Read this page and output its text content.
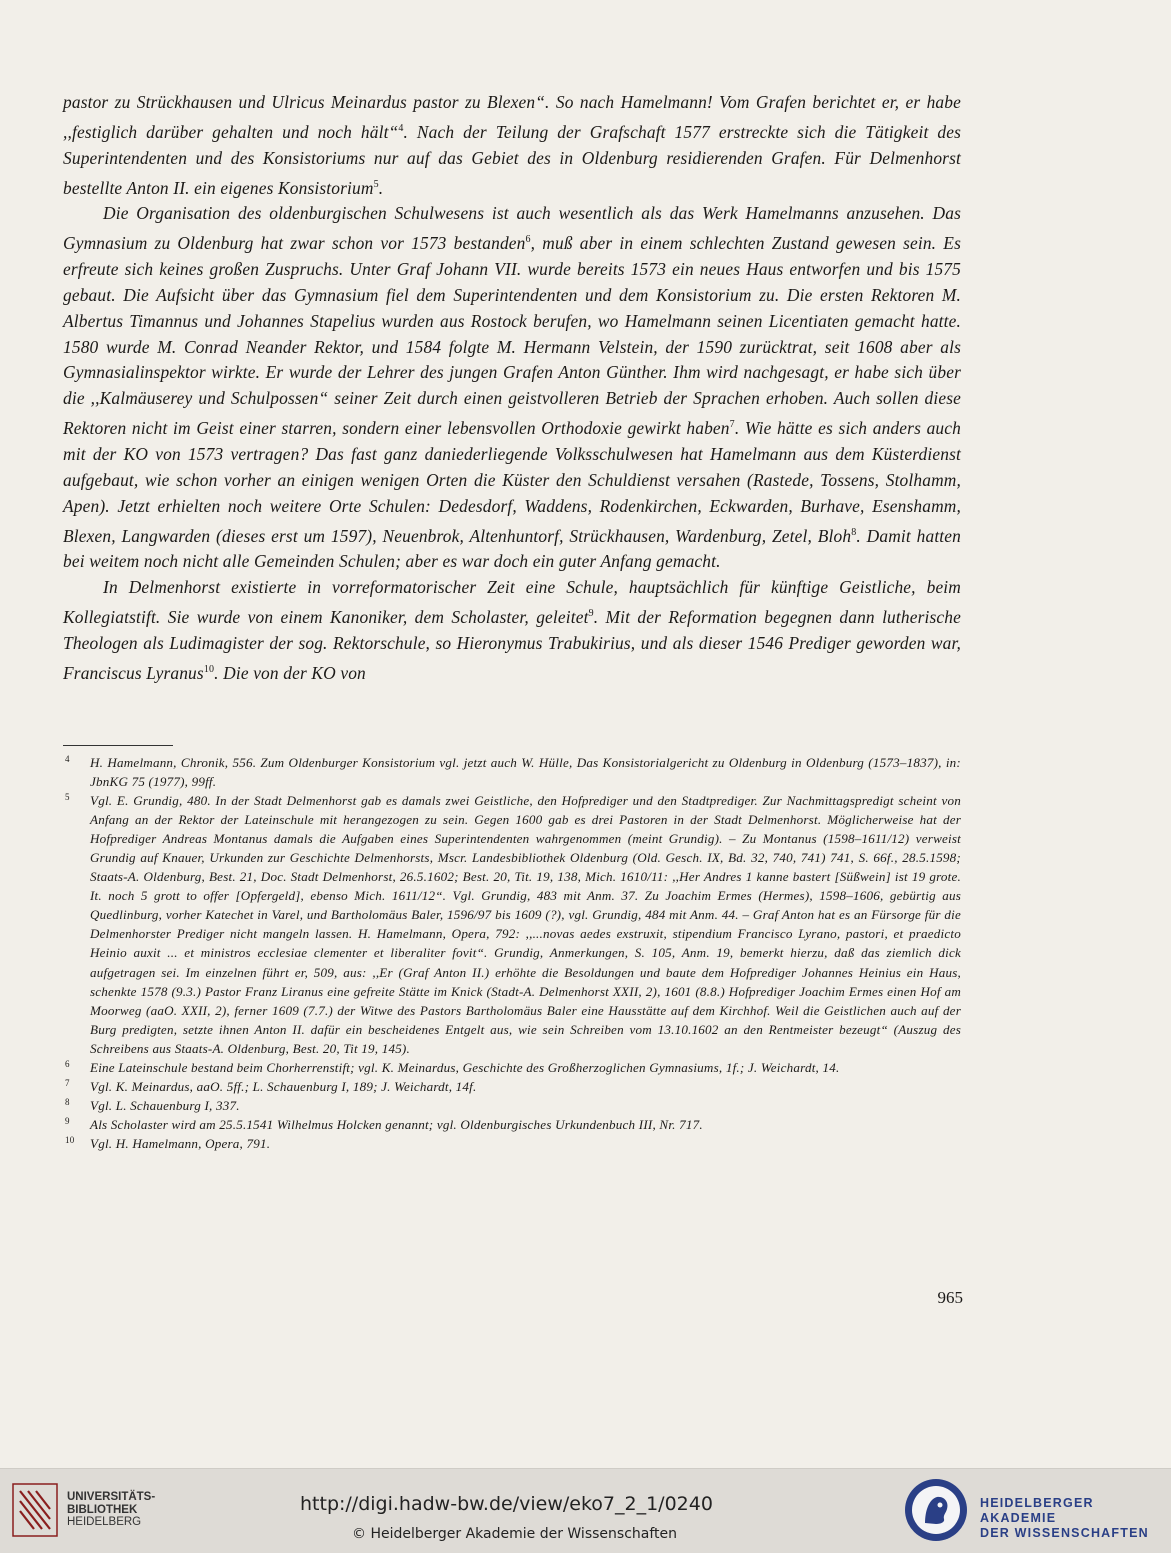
pastor zu Strückhausen und Ulricus Meinardus pastor zu Blexen“. So nach Hamelmann! Vom Grafen berichtet er, er habe ,,festiglich darüber gehalten und noch hält“$^4$. Nach der Teilung der Grafschaft 1577 erstreckte sich die Tätigkeit des Superintendenten und des Konsistoriums nur auf das Gebiet des in Oldenburg residierenden Grafen. Für Delmenhorst bestellte Anton II. ein eigenes Konsistorium$^5$.

Die Organisation des oldenburgischen Schulwesens ist auch wesentlich als das Werk Hamelmanns anzusehen. Das Gymnasium zu Oldenburg hat zwar schon vor 1573 bestanden$^6$, muß aber in einem schlechten Zustand gewesen sein. Es erfreute sich keines großen Zuspruchs. Unter Graf Johann VII. wurde bereits 1573 ein neues Haus entworfen und bis 1575 gebaut. Die Aufsicht über das Gymnasium fiel dem Superintendenten und dem Konsistorium zu. Die ersten Rektoren M. Albertus Timannus und Johannes Stapelius wurden aus Rostock berufen, wo Hamelmann seinen Licentiaten gemacht hatte. 1580 wurde M. Conrad Neander Rektor, und 1584 folgte M. Hermann Velstein, der 1590 zurücktrat, seit 1608 aber als Gymnasialinspektor wirkte. Er wurde der Lehrer des jungen Grafen Anton Günther. Ihm wird nachgesagt, er habe sich über die ,,Kalmäuserey und Schulpossen“ seiner Zeit durch einen geistvolleren Betrieb der Sprachen erhoben. Auch sollen diese Rektoren nicht im Geist einer starren, sondern einer lebensvollen Orthodoxie gewirkt haben$^7$. Wie hätte es sich anders auch mit der KO von 1573 vertragen? Das fast ganz daniederliegende Volksschulwesen hat Hamelmann aus dem Küsterdienst aufgebaut, wie schon vorher an einigen wenigen Orten die Küster den Schuldienst versahen (Rastede, Tossens, Stolhamm, Apen). Jetzt erhielten noch weitere Orte Schulen: Dedesdorf, Waddens, Rodenkirchen, Eckwarden, Burhave, Esenshamm, Blexen, Langwarden (dieses erst um 1597), Neuenbrok, Altenhuntorf, Strückhausen, Wardenburg, Zetel, Bloh$^8$. Damit hatten bei weitem noch nicht alle Gemeinden Schulen; aber es war doch ein guter Anfang gemacht.

In Delmenhorst existierte in vorreformatorischer Zeit eine Schule, hauptsächlich für künftige Geistliche, beim Kollegiatstift. Sie wurde von einem Kanoniker, dem Scholaster, geleitet$^9$. Mit der Reformation begegnen dann lutherische Theologen als Ludimagister der sog. Rektorschule, so Hieronymus Trabukirius, und als dieser 1546 Prediger geworden war, Franciscus Lyranus$^{10}$. Die von der KO von

4 H. Hamelmann, Chronik, 556. Zum Oldenburger Konsistorium vgl. jetzt auch W. Hülle, Das Konsistorialgericht zu Oldenburg in Oldenburg (1573–1837), in: JbnKG 75 (1977), 99ff.
5 Vgl. E. Grundig, 480. In der Stadt Delmenhorst gab es damals zwei Geistliche, den Hofprediger und den Stadtprediger. Zur Nachmittagspredigt scheint von Anfang an der Rektor der Lateinschule mit herangezogen zu sein. Gegen 1600 gab es drei Pastoren in der Stadt Delmenhorst. Möglicherweise hat der Hofprediger Andreas Montanus damals die Aufgaben eines Superintendenten wahrgenommen (meint Grundig). – Zu Montanus (1598–1611/12) verweist Grundig auf Knauer, Urkunden zur Geschichte Delmenhorsts, Mscr. Landesbibliothek Oldenburg (Old. Gesch. IX, Bd. 32, 740, 741) 741, S. 66f., 28.5.1598; Staats-A. Oldenburg, Best. 21, Doc. Stadt Delmenhorst, 26.5.1602; Best. 20, Tit. 19, 138, Mich. 1610/11: ,,Her Andres 1 kanne bastert [Süßwein] ist 19 grote. It. noch 5 grott to offer [Opfergeld], ebenso Mich. 1611/12“. Vgl. Grundig, 483 mit Anm. 37. Zu Joachim Ermes (Hermes), 1598–1606, gebürtig aus Quedlinburg, vorher Katechet in Varel, und Bartholomäus Baler, 1596/97 bis 1609 (?), vgl. Grundig, 484 mit Anm. 44. – Graf Anton hat es an Fürsorge für die Delmenhorster Prediger nicht mangeln lassen. H. Hamelmann, Opera, 792: ,,...novas aedes exstruxit, stipendium Francisco Lyrano, pastori, et praedicto Heinio auxit ... et ministros ecclesiae clementer et liberaliter fovit“. Grundig, Anmerkungen, S. 105, Anm. 19, bemerkt hierzu, daß das ziemlich dick aufgetragen sei. Im einzelnen führt er, 509, aus: ,,Er (Graf Anton II.) erhöhte die Besoldungen und baute dem Hofprediger Johannes Heinius ein Haus, schenkte 1578 (9.3.) Pastor Franz Liranus eine gefreite Stätte im Knick (Stadt-A. Delmenhorst XXII, 2), 1601 (8.8.) Hofprediger Joachim Ermes einen Hof am Moorweg (aaO. XXII, 2), ferner 1609 (7.7.) der Witwe des Pastors Bartholomäus Baler eine Hausstätte auf dem Kirchhof. Weil die Geistlichen auch auf der Burg predigten, setzte ihnen Anton II. dafür ein bescheidenes Entgelt aus, wie sein Schreiben vom 13.10.1602 an den Rentmeister bezeugt“ (Auszug des Schreibens aus Staats-A. Oldenburg, Best. 20, Tit 19, 145).
6 Eine Lateinschule bestand beim Chorherrenstift; vgl. K. Meinardus, Geschichte des Großherzoglichen Gymnasiums, 1f.; J. Weichardt, 14.
7 Vgl. K. Meinardus, aaO. 5ff.; L. Schauenburg I, 189; J. Weichardt, 14f.
8 Vgl. L. Schauenburg I, 337.
9 Als Scholaster wird am 25.5.1541 Wilhelmus Holcken genannt; vgl. Oldenburgisches Urkundenbuch III, Nr. 717.
10 Vgl. H. Hamelmann, Opera, 791.
965
UNIVERSITÄTS-
BIBLIOTHEK
HEIDELBERG
http://digi.hadw-bw.de/view/eko7_2_1/0240
© Heidelberger Akademie der Wissenschaften
HEIDELBERGER AKADEMIE
DER WISSENSCHAFTEN
